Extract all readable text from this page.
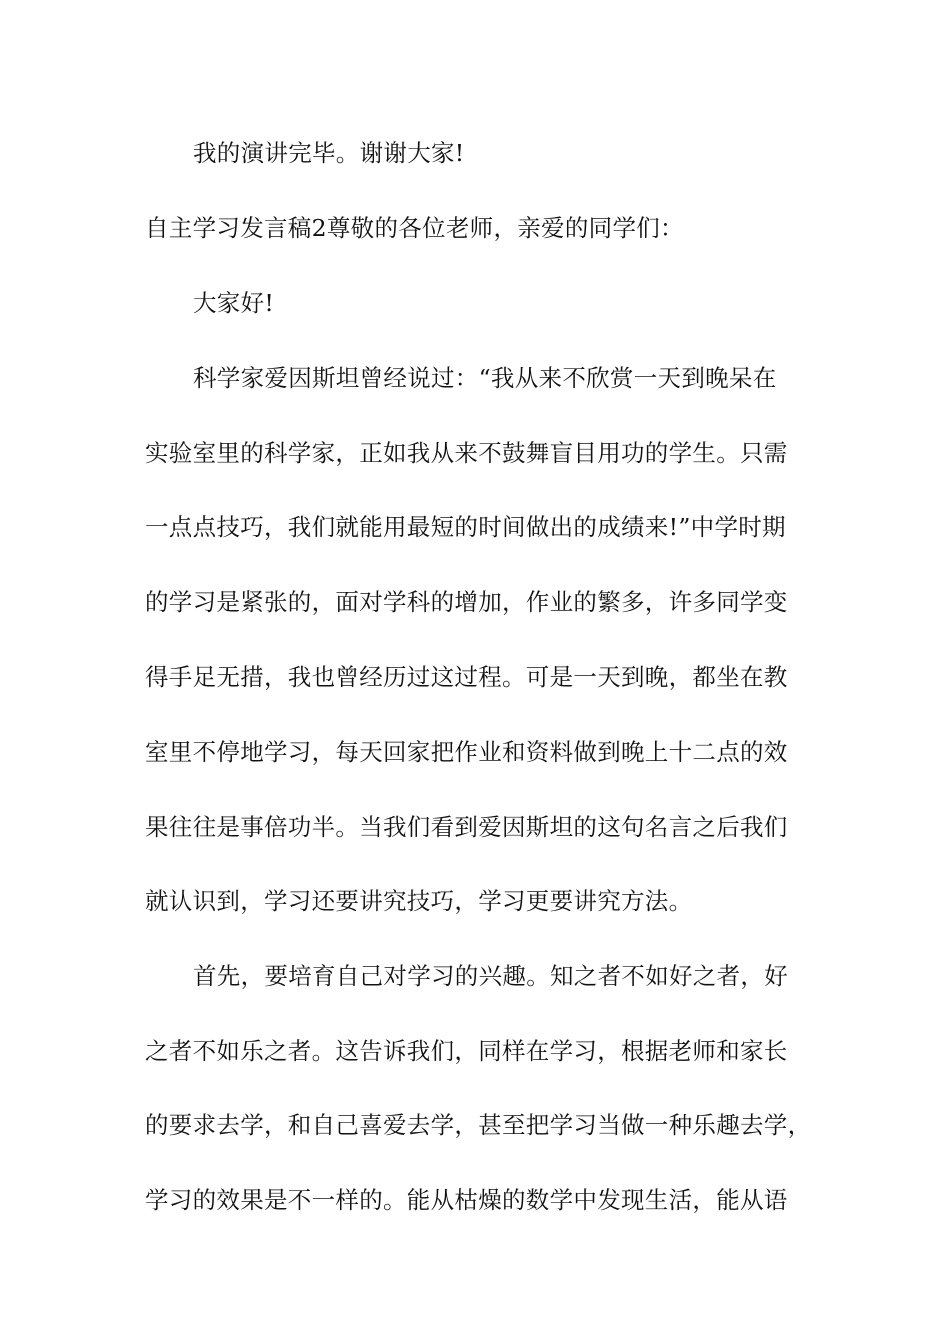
我的演讲完毕。谢谢大家!
自主学习发言稿2尊敬的各位老师，亲爱的同学们：
大家好!
科学家爱因斯坦曾经说过：“我从来不欣赏一天到晚呆在
实验室里的科学家，正如我从来不鼓舞盲目用功的学生。只需
一点点技巧，我们就能用最短的时间做出的成绩来!”中学时期
的学习是紧张的，面对学科的增加，作业的繁多，许多同学变
得手足无措，我也曾经历过这过程。可是一天到晚，都坐在教
室里不停地学习，每天回家把作业和资料做到晚上十二点的效
果往往是事倍功半。当我们看到爱因斯坦的这句名言之后我们
就认识到，学习还要讲究技巧，学习更要讲究方法。
首先，要培育自己对学习的兴趣。知之者不如好之者，好
之者不如乐之者。这告诉我们，同样在学习，根据老师和家长
的要求去学，和自己喜爱去学，甚至把学习当做一种乐趣去学，
学习的效果是不一样的。能从枯燥的数学中发现生活，能从语
